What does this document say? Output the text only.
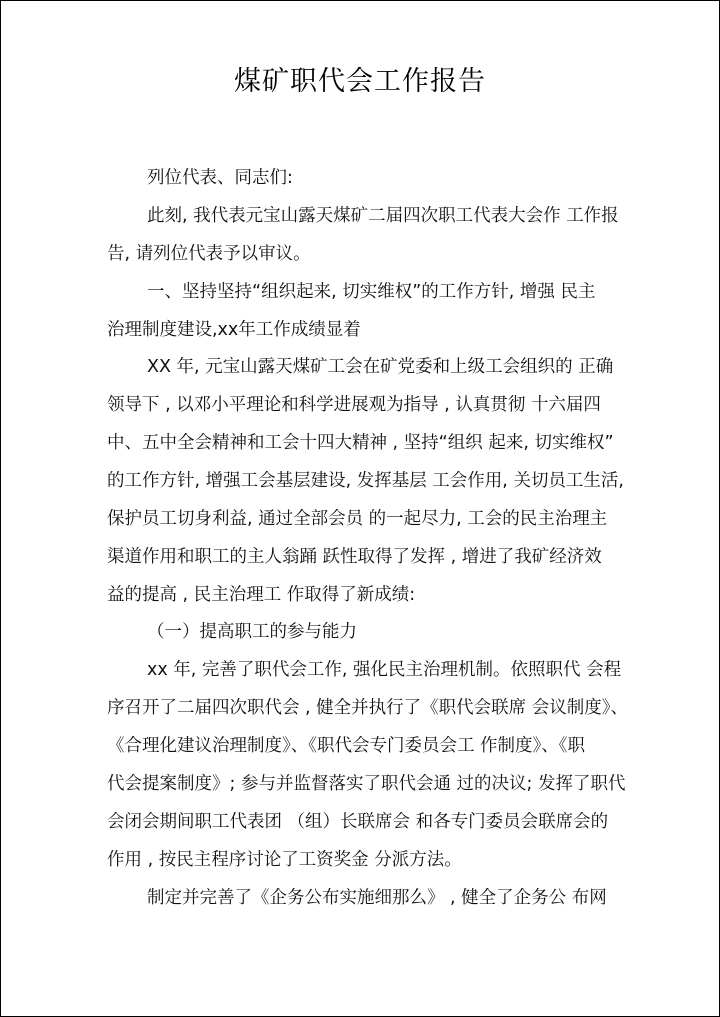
煤矿职代会工作报告
列位代表、同志们:
此刻, 我代表元宝山露天煤矿二届四次职工代表大会作 工作报
告, 请列位代表予以审议。
一、坚持坚持“组织起来, 切实维权”的工作方针, 增强 民主
治理制度建设,xx年工作成绩显着
XX 年, 元宝山露天煤矿工会在矿党委和上级工会组织的 正确
领导下 , 以邓小平理论和科学进展观为指导 , 认真贯彻 十六届四
中、五中全会精神和工会十四大精神 , 坚持“组织 起来, 切实维权”
的工作方针, 增强工会基层建设, 发挥基层 工会作用, 关切员工生活,
保护员工切身利益, 通过全部会员 的一起尽力, 工会的民主治理主
渠道作用和职工的主人翁踊 跃性取得了发挥 , 增进了我矿经济效
益的提高 , 民主治理工 作取得了新成绩:
（一）提高职工的参与能力
xx 年, 完善了职代会工作, 强化民主治理机制。依照职代 会程
序召开了二届四次职代会 , 健全并执行了《职代会联席 会议制度》、
《合理化建议治理制度》、《职代会专门委员会工 作制度》、《职
代会提案制度》; 参与并监督落实了职代会通 过的决议; 发挥了职代
会闭会期间职工代表团 （组）长联席会 和各专门委员会联席会的
作用 , 按民主程序讨论了工资奖金 分派方法。
制定并完善了《企务公布实施细那么》 , 健全了企务公 布网
